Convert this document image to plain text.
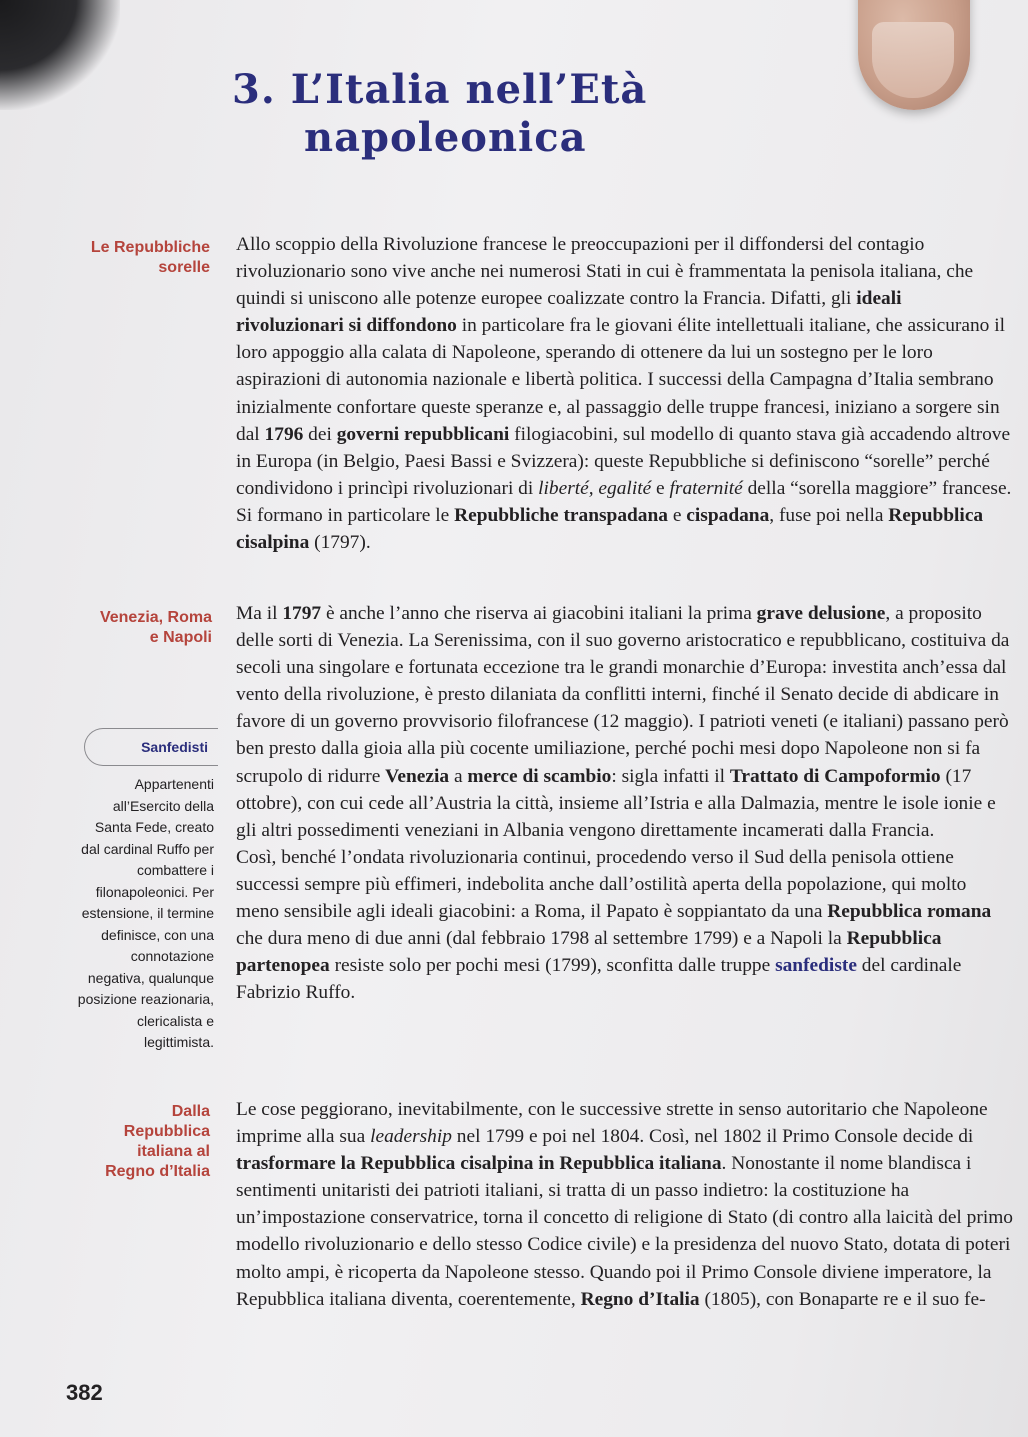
3. L’Italia nell’Età
napoleonica
Le Repubbliche sorelle
Venezia, Roma e Napoli
Dalla Repubblica italiana al Regno d’Italia
Sanfedisti
Appartenenti all’Esercito della Santa Fede, creato dal cardinal Ruffo per combattere i filonapoleonici. Per estensione, il termine definisce, con una connotazione negativa, qualunque posizione reazionaria, clericalista e legittimista.

Allo scoppio della Rivoluzione francese le preoccupazioni per il diffondersi del contagio rivoluzionario sono vive anche nei numerosi Stati in cui è frammentata la penisola italiana, che quindi si uniscono alle potenze europee coalizzate contro la Francia. Difatti, gli ideali rivoluzionari si diffondono in particolare fra le giovani élite intellettuali italiane, che assicurano il loro appoggio alla calata di Napoleone, sperando di ottenere da lui un sostegno per le loro aspirazioni di autonomia nazionale e libertà politica. I successi della Campagna d’Italia sembrano inizialmente confortare queste speranze e, al passaggio delle truppe francesi, iniziano a sorgere sin dal 1796 dei governi repubblicani filogiacobini, sul modello di quanto stava già accadendo altrove in Europa (in Belgio, Paesi Bassi e Svizzera): queste Repubbliche si definiscono “sorelle” perché condividono i princìpi rivoluzionari di liberté, egalité e fraternité della “sorella maggiore” francese. Si formano in particolare le Repubbliche transpadana e cispadana, fuse poi nella Repubblica cisalpina (1797).

Ma il 1797 è anche l’anno che riserva ai giacobini italiani la prima grave delusione, a proposito delle sorti di Venezia. La Serenissima, con il suo governo aristocratico e repubblicano, costituiva da secoli una singolare e fortunata eccezione tra le grandi monarchie d’Europa: investita anch’essa dal vento della rivoluzione, è presto dilaniata da conflitti interni, finché il Senato decide di abdicare in favore di un governo provvisorio filofrancese (12 maggio). I patrioti veneti (e italiani) passano però ben presto dalla gioia alla più cocente umiliazione, perché pochi mesi dopo Napoleone non si fa scrupolo di ridurre Venezia a merce di scambio: sigla infatti il Trattato di Campoformio (17 ottobre), con cui cede all’Austria la città, insieme all’Istria e alla Dalmazia, mentre le isole ionie e gli altri possedimenti veneziani in Albania vengono direttamente incamerati dalla Francia.

Così, benché l’ondata rivoluzionaria continui, procedendo verso il Sud della penisola ottiene successi sempre più effimeri, indebolita anche dall’ostilità aperta della popolazione, qui molto meno sensibile agli ideali giacobini: a Roma, il Papato è soppiantato da una Repubblica romana che dura meno di due anni (dal febbraio 1798 al settembre 1799) e a Napoli la Repubblica partenopea resiste solo per pochi mesi (1799), sconfitta dalle truppe sanfediste del cardinale Fabrizio Ruffo.

Le cose peggiorano, inevitabilmente, con le successive strette in senso autoritario che Napoleone imprime alla sua leadership nel 1799 e poi nel 1804. Così, nel 1802 il Primo Console decide di trasformare la Repubblica cisalpina in Repubblica italiana. Nonostante il nome blandisca i sentimenti unitaristi dei patrioti italiani, si tratta di un passo indietro: la costituzione ha un’impostazione conservatrice, torna il concetto di religione di Stato (di contro alla laicità del primo modello rivoluzionario e dello stesso Codice civile) e la presidenza del nuovo Stato, dotata di poteri molto ampi, è ricoperta da Napoleone stesso. Quando poi il Primo Console diviene imperatore, la Repubblica italiana diventa, coerentemente, Regno d’Italia (1805), con Bonaparte re e il suo fe-

382
